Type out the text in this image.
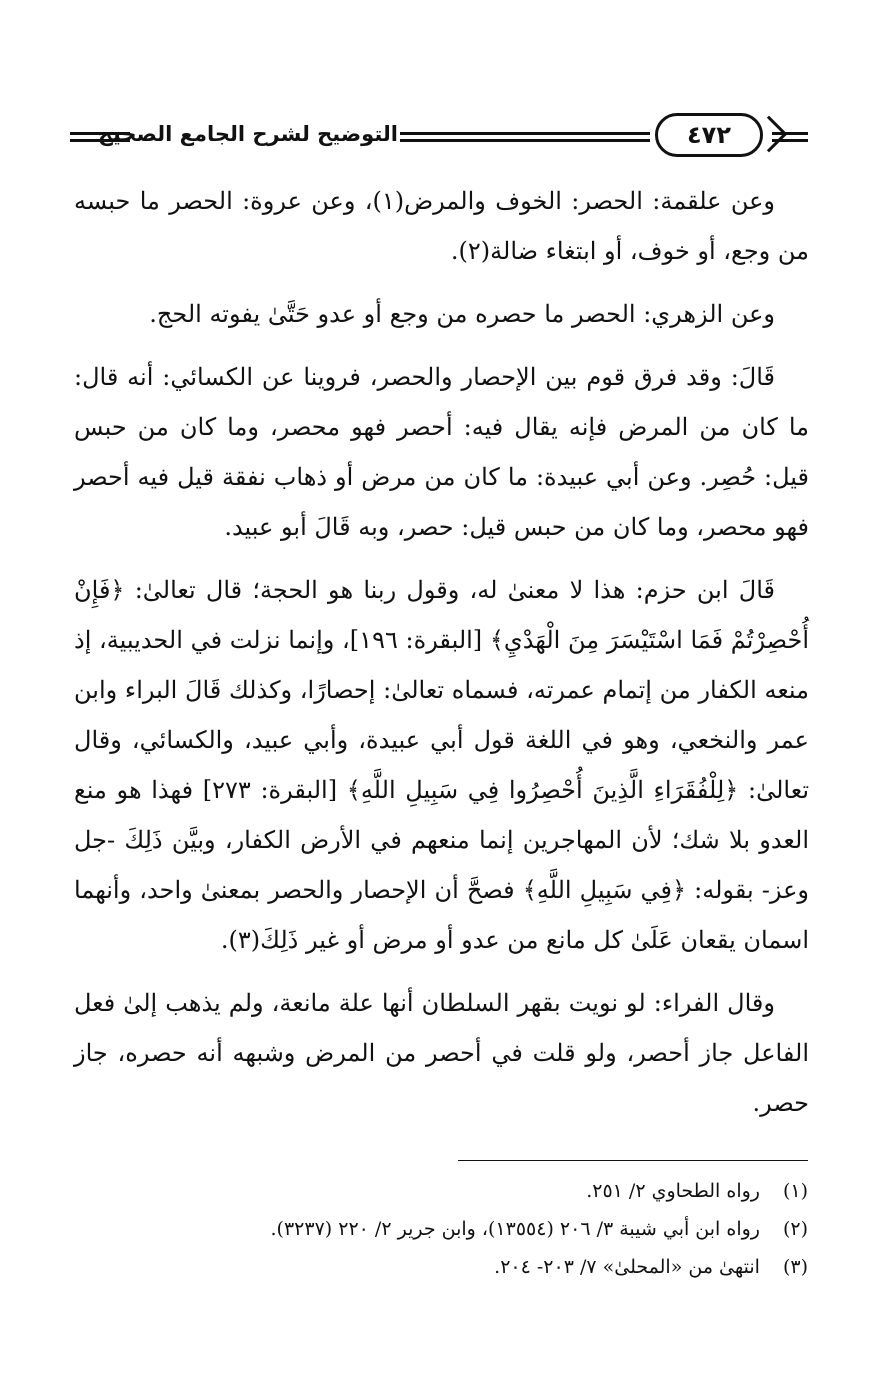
التوضيح لشرح الجامع الصحيح	٤٧٢

وعن علقمة: الحصر: الخوف والمرض(١)، وعن عروة: الحصر ما حبسه من وجع، أو خوف، أو ابتغاء ضالة(٢).

وعن الزهري: الحصر ما حصره من وجع أو عدو حَتَّىٰ يفوته الحج.

قَالَ: وقد فرق قوم بين الإحصار والحصر، فروينا عن الكسائي: أنه قال: ما كان من المرض فإنه يقال فيه: أحصر فهو محصر، وما كان من حبس قيل: حُصِر. وعن أبي عبيدة: ما كان من مرض أو ذهاب نفقة قيل فيه أحصر فهو محصر، وما كان من حبس قيل: حصر، وبه قَالَ أبو عبيد.

قَالَ ابن حزم: هذا لا معنىٰ له، وقول ربنا هو الحجة؛ قال تعالىٰ: ﴿فَإِنْ أُحْصِرْتُمْ فَمَا اسْتَيْسَرَ مِنَ الْهَدْيِ﴾ [البقرة: ١٩٦]، وإنما نزلت في الحديبية، إذ منعه الكفار من إتمام عمرته، فسماه تعالىٰ: إحصارًا، وكذلك قَالَ البراء وابن عمر والنخعي، وهو في اللغة قول أبي عبيدة، وأبي عبيد، والكسائي، وقال تعالىٰ: ﴿لِلْفُقَرَاءِ الَّذِينَ أُحْصِرُوا فِي سَبِيلِ اللَّهِ﴾ [البقرة: ٢٧٣] فهذا هو منع العدو بلا شك؛ لأن المهاجرين إنما منعهم في الأرض الكفار، وبيَّن ذَلِكَ -جل وعز- بقوله: ﴿فِي سَبِيلِ اللَّهِ﴾ فصحَّ أن الإحصار والحصر بمعنىٰ واحد، وأنهما اسمان يقعان عَلَىٰ كل مانع من عدو أو مرض أو غير ذَلِكَ(٣).

وقال الفراء: لو نويت بقهر السلطان أنها علة مانعة، ولم يذهب إلىٰ فعل الفاعل جاز أحصر، ولو قلت في أحصر من المرض وشبهه أنه حصره، جاز حصر.

(١) رواه الطحاوي ٢/ ٢٥١.
(٢) رواه ابن أبي شيبة ٣/ ٢٠٦ (١٣٥٥٤)، وابن جرير ٢/ ٢٢٠ (٣٢٣٧).
(٣) انتهىٰ من «المحلىٰ» ٧/ ٢٠٣- ٢٠٤.
